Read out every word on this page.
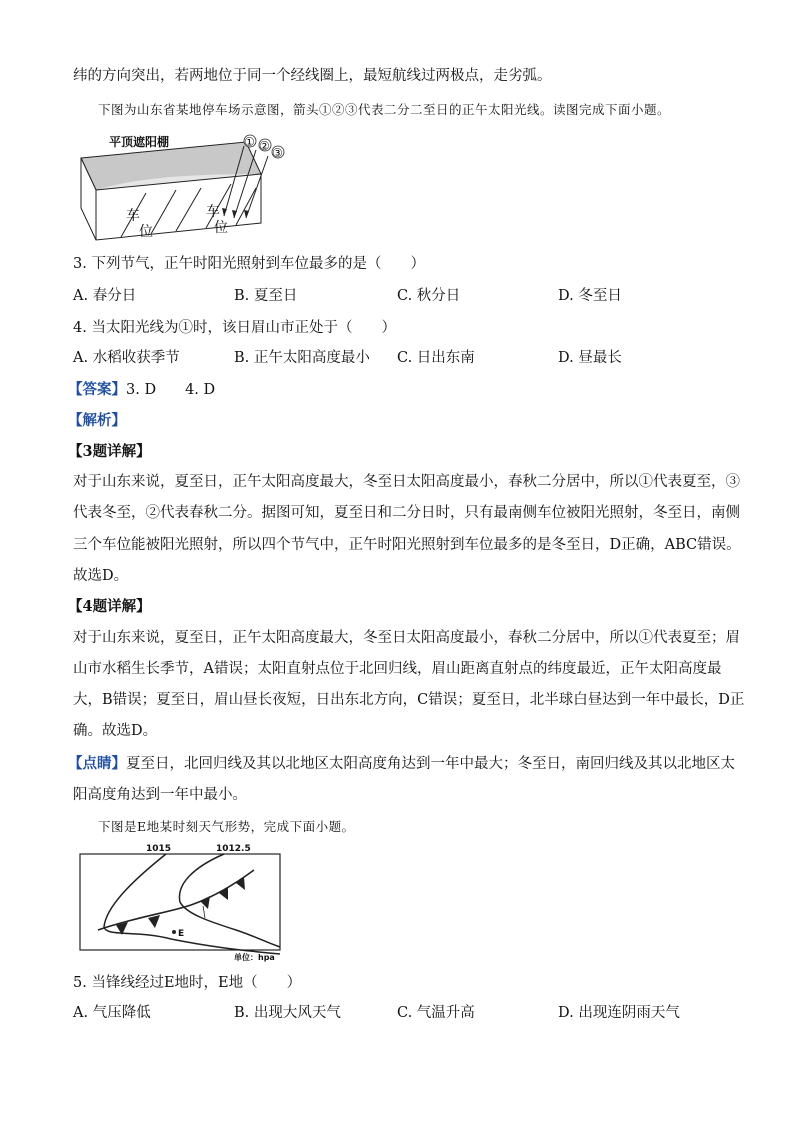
纬的方向突出，若两地位于同一个经线圈上，最短航线过两极点，走劣弧。
下图为山东省某地停车场示意图，箭头①②③代表二分二至日的正午太阳光线。读图完成下面小题。
平顶遮阳棚	① ② ③
车
位
车
位
3. 下列节气，正午时阳光照射到车位最多的是（　　）
A. 春分日	B. 夏至日	C. 秋分日	D. 冬至日
4. 当太阳光线为①时，该日眉山市正处于（　　）
A. 水稻收获季节	B. 正午太阳高度最小 C. 日出东南	D. 昼最长
【答案】3. D　　4. D
【解析】
【3题详解】
对于山东来说，夏至日，正午太阳高度最大，冬至日太阳高度最小，春秋二分居中，所以①代表夏至，③
代表冬至，②代表春秋二分。据图可知，夏至日和二分日时，只有最南侧车位被阳光照射，冬至日，南侧
三个车位能被阳光照射，所以四个节气中，正午时阳光照射到车位最多的是冬至日，D正确，ABC错误。
故选D。
【4题详解】
对于山东来说，夏至日，正午太阳高度最大，冬至日太阳高度最小，春秋二分居中，所以①代表夏至；眉
山市水稻生长季节，A错误；太阳直射点位于北回归线，眉山距离直射点的纬度最近，正午太阳高度最
大，B错误；夏至日，眉山昼长夜短，日出东北方向，C错误；夏至日，北半球白昼达到一年中最长，D正
确。故选D。
【点睛】夏至日，北回归线及其以北地区太阳高度角达到一年中最大；冬至日，南回归线及其以北地区太
阳高度角达到一年中最小。
下图是E地某时刻天气形势，完成下面小题。
E
1015	1012.5
单位：hpa
5. 当锋线经过E地时，E地（　　）
A. 气压降低	B. 出现大风天气	C. 气温升高	D. 出现连阴雨天气
